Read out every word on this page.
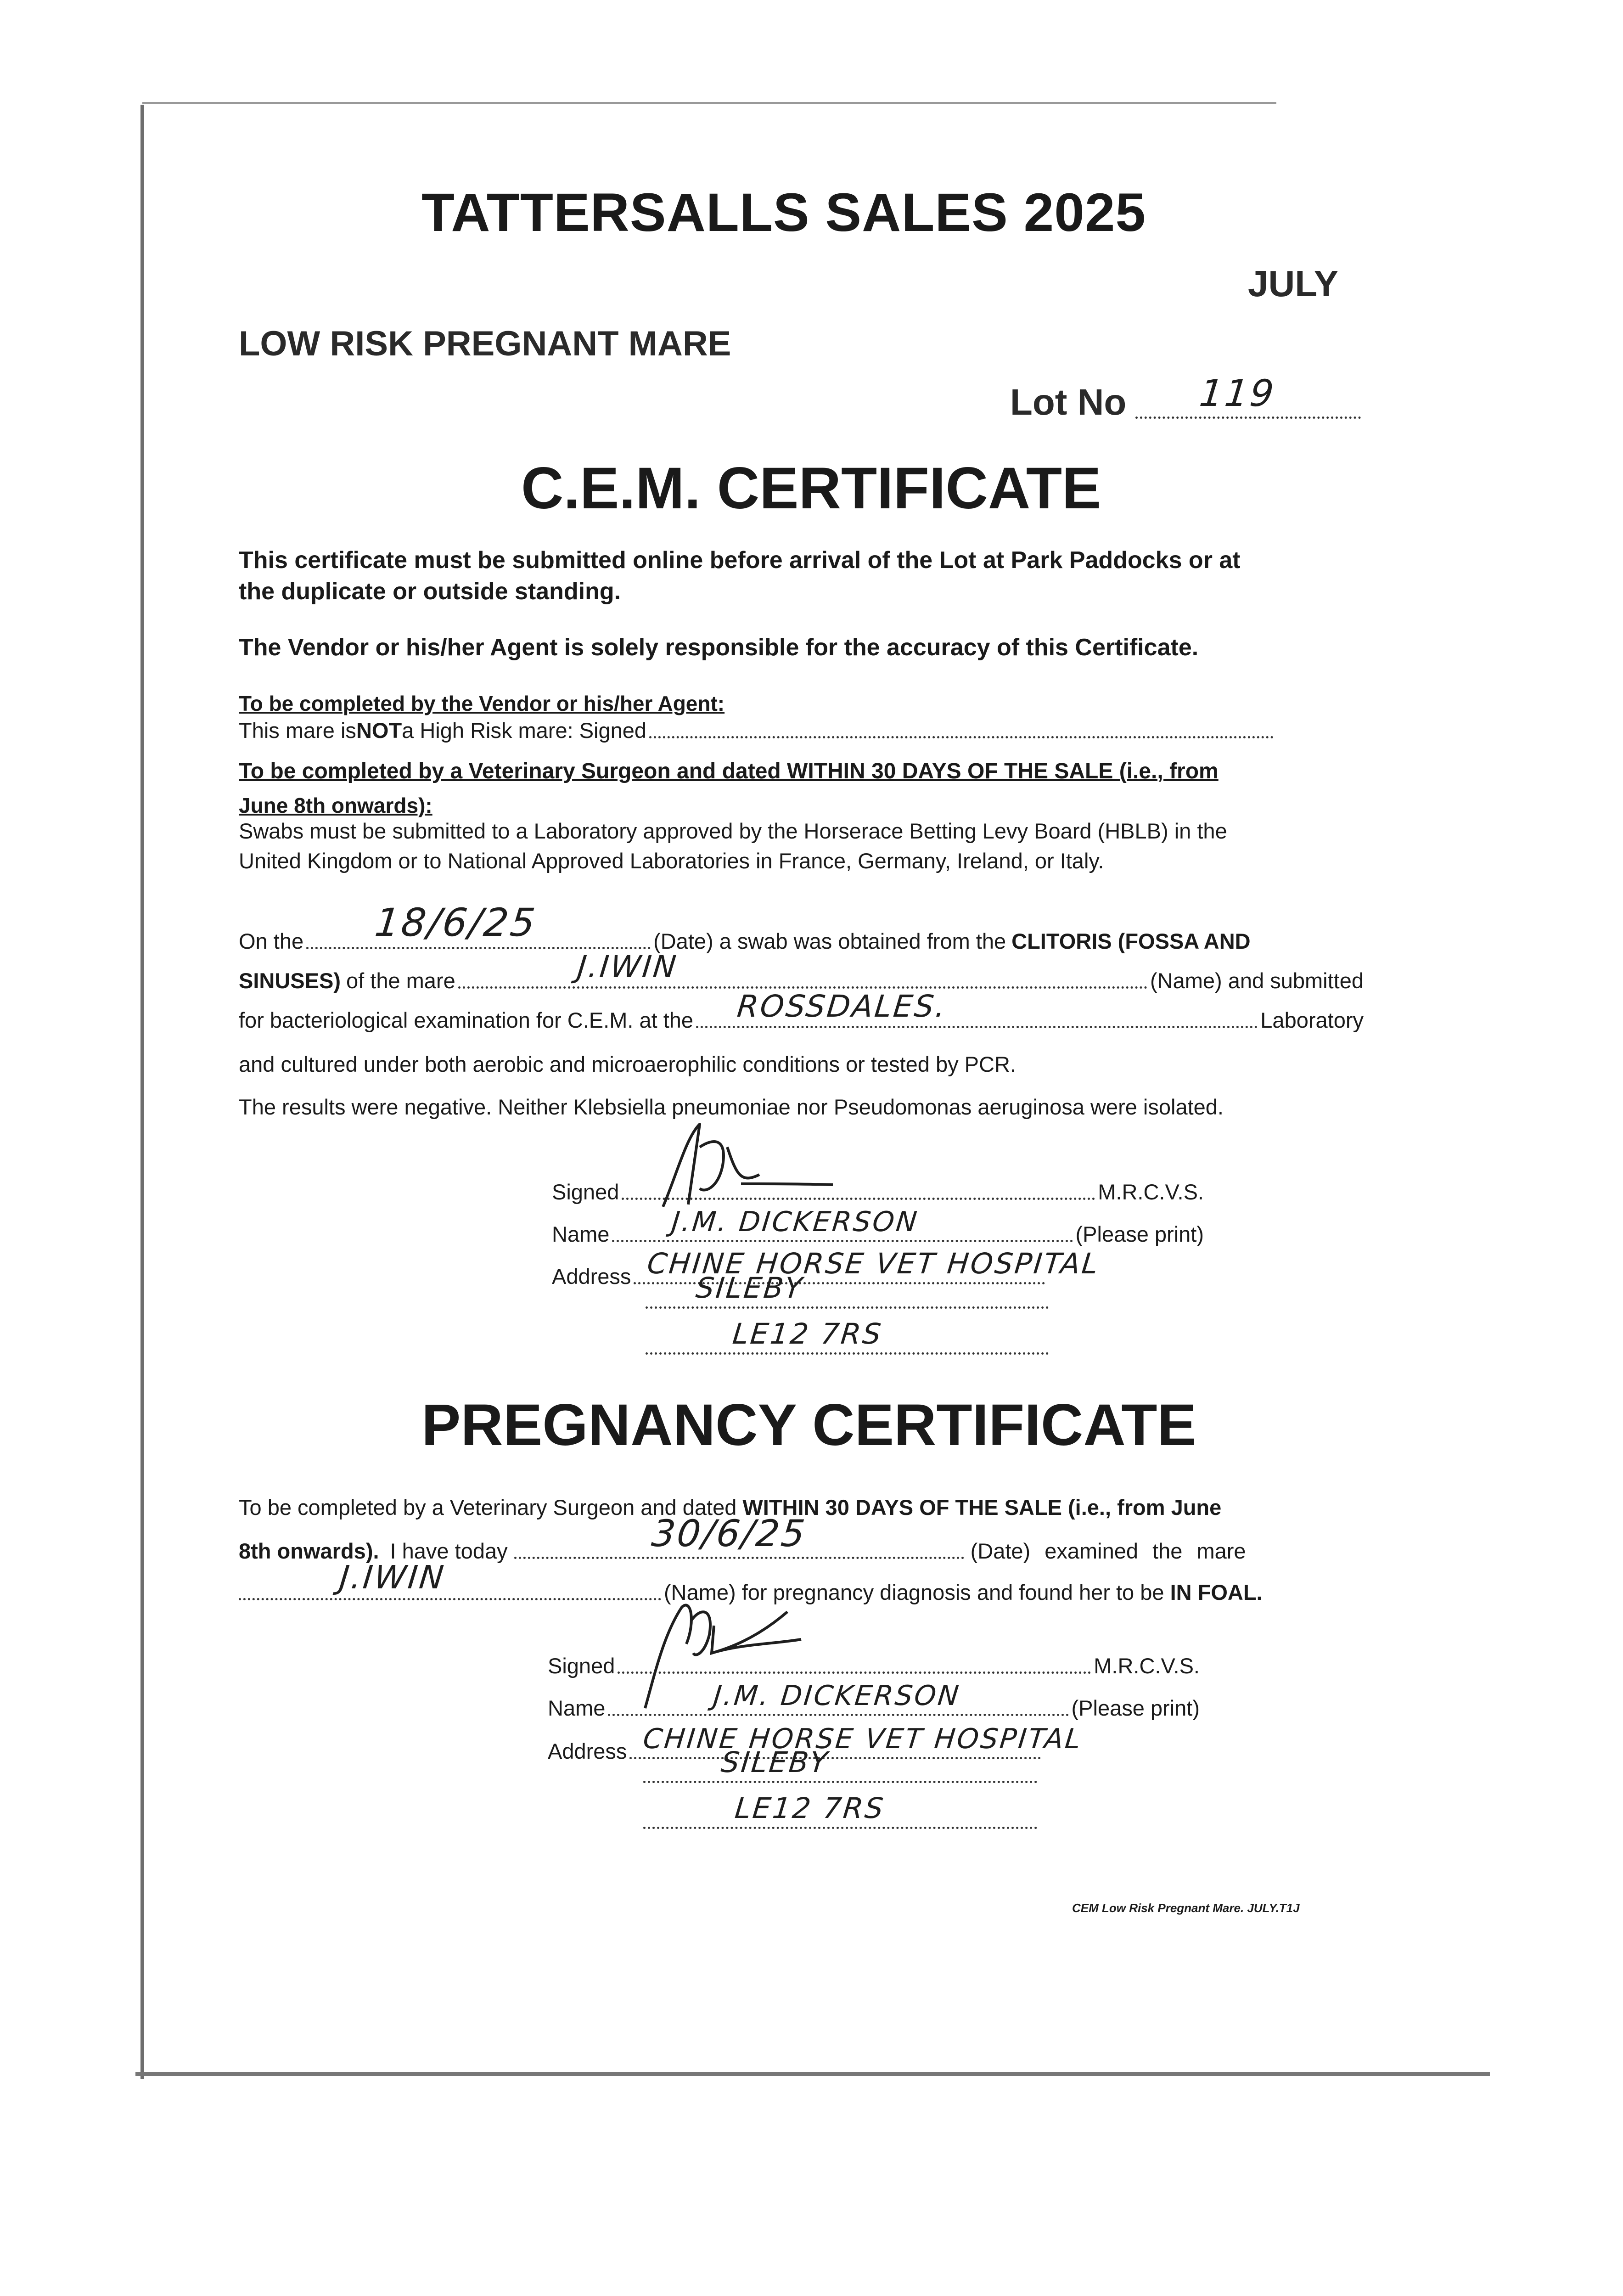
TATTERSALLS SALES 2025
JULY
LOW RISK PREGNANT MARE
Lot No 119
C.E.M. CERTIFICATE
This certificate must be submitted online before arrival of the Lot at Park Paddocks or at
the duplicate or outside standing.
The Vendor or his/her Agent is solely responsible for the accuracy of this Certificate.
To be completed by the Vendor or his/her Agent:
This mare is NOT a High Risk mare: Signed
To be completed by a Veterinary Surgeon and dated WITHIN 30 DAYS OF THE SALE (i.e., from
June 8th onwards):
Swabs must be submitted to a Laboratory approved by the Horserace Betting Levy Board (HBLB) in the
United Kingdom or to National Approved Laboratories in France, Germany, Ireland, or Italy.
On the 18/6/25	(Date) a swab was obtained from the CLITORIS (FOSSA AND
SINUSES) of the mare	J.IWIN	(Name) and submitted
for bacteriological examination for C.E.M. at the ROSSDALES.	Laboratory
and cultured under both aerobic and microaerophilic conditions or tested by PCR.
The results were negative. Neither Klebsiella pneumoniae nor Pseudomonas aeruginosa were isolated.
Signed	M.R.C.V.S.
Name J.M. DICKERSON	(Please print)
Address CHINE HORSE VET HOSPITAL
SILEBY
LE12 7RS
PREGNANCY CERTIFICATE
To be completed by a Veterinary Surgeon and dated WITHIN 30 DAYS OF THE SALE (i.e., from June
8th onwards). I have today	30/6/25	(Date) examined the mare
J.IWIN	(Name) for pregnancy diagnosis and found her to be IN FOAL.
Signed	M.R.C.V.S.
Name	J.M. DICKERSON	(Please print)
Address CHINE HORSE VET HOSPITAL
SILEBY
LE12 7RS
CEM Low Risk Pregnant Mare. JULY.T1J
